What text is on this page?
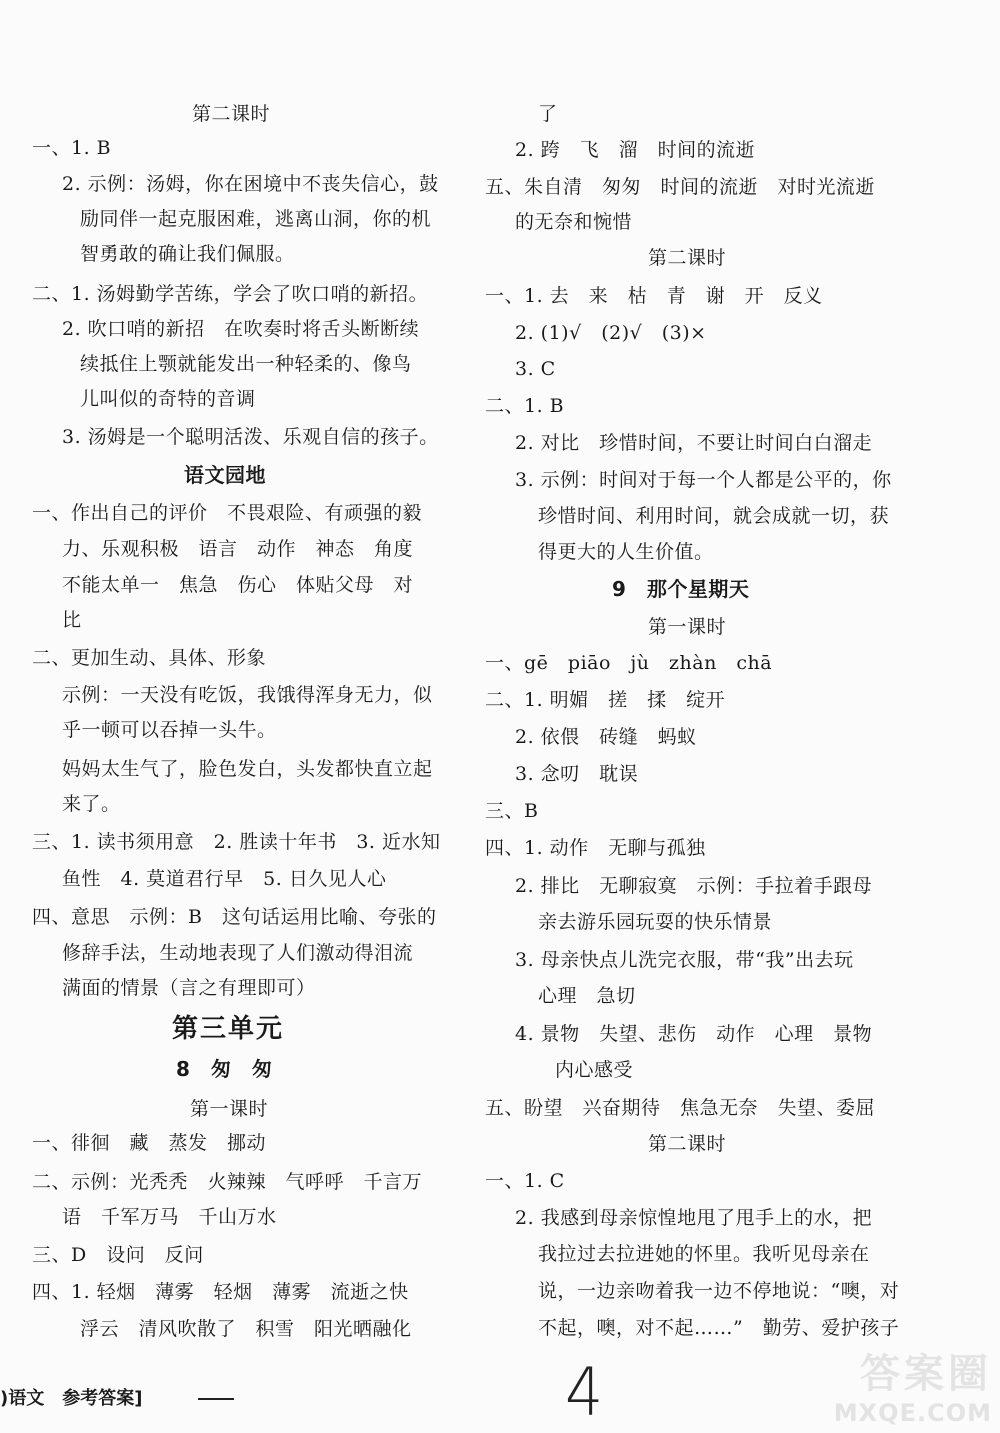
第二课时
一、1. B
2. 示例：汤姆，你在困境中不丧失信心，鼓
励同伴一起克服困难，逃离山洞，你的机
智勇敢的确让我们佩服。
二、1. 汤姆勤学苦练，学会了吹口哨的新招。
2. 吹口哨的新招　在吹奏时将舌头断断续
续抵住上颚就能发出一种轻柔的、像鸟
儿叫似的奇特的音调
3. 汤姆是一个聪明活泼、乐观自信的孩子。
语文园地
一、作出自己的评价　不畏艰险、有顽强的毅
力、乐观积极　语言　动作　神态　角度
不能太单一　焦急　伤心　体贴父母　对
比
二、更加生动、具体、形象
示例：一天没有吃饭，我饿得浑身无力，似
乎一顿可以吞掉一头牛。
妈妈太生气了，脸色发白，头发都快直立起
来了。
三、1. 读书须用意　2. 胜读十年书　3. 近水知
鱼性　4. 莫道君行早　5. 日久见人心
四、意思　示例：B　这句话运用比喻、夸张的
修辞手法，生动地表现了人们激动得泪流
满面的情景（言之有理即可）
第三单元
8　匆　匆
第一课时
一、徘徊　藏　蒸发　挪动
二、示例：光秃秃　火辣辣　气呼呼　千言万
语　千军万马　千山万水
三、D　设问　反问
四、1. 轻烟　薄雾　轻烟　薄雾　流逝之快
浮云　清风吹散了　积雪　阳光晒融化
了
2. 跨　飞　溜　时间的流逝
五、朱自清　匆匆　时间的流逝　对时光流逝
的无奈和惋惜
第二课时
一、1. 去　来　枯　青　谢　开　反义
2. (1)√　(2)√　(3)×
3. C
二、1. B
2. 对比　珍惜时间，不要让时间白白溜走
3. 示例：时间对于每一个人都是公平的，你
珍惜时间、利用时间，就会成就一切，获
得更大的人生价值。
9　那个星期天
第一课时
一、gē　piāo　jù　zhàn　chā
二、1. 明媚　搓　揉　绽开
2. 依偎　砖缝　蚂蚁
3. 念叨　耽误
三、B
四、1. 动作　无聊与孤独
2. 排比　无聊寂寞　示例：手拉着手跟母
亲去游乐园玩耍的快乐情景
3. 母亲快点儿洗完衣服，带“我”出去玩
心理　急切
4. 景物　失望、悲伤　动作　心理　景物
内心感受
五、盼望　兴奋期待　焦急无奈　失望、委屈
第二课时
一、1. C
2. 我感到母亲惊惶地甩了甩手上的水，把
我拉过去拉进她的怀里。我听见母亲在
说，一边亲吻着我一边不停地说：“噢，对
不起，噢，对不起……”　勤劳、爱护孩子
)语文　参考答案]	4	答案圈
MXQE.COM
